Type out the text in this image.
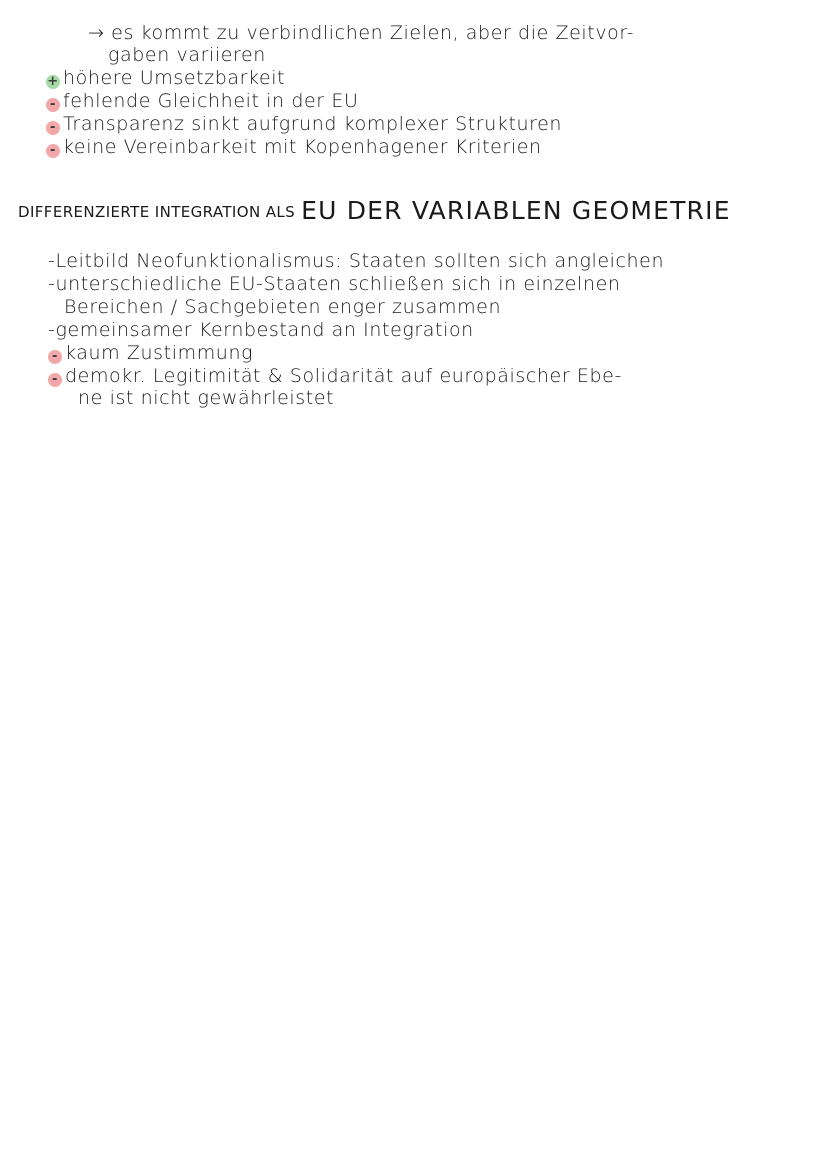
→ es kommt zu verbindlichen Zielen, aber die Zeitvor-
gaben variieren
+ höhere Umsetzbarkeit
- fehlende Gleichheit in der EU
- Transparenz sinkt aufgrund komplexer Strukturen
- keine Vereinbarkeit mit Kopenhagener Kriterien
DIFFERENZIERTE INTEGRATION ALS EU DER VARIABLEN GEOMETRIE
-Leitbild Neofunktionalismus: Staaten sollten sich angleichen
-unterschiedliche EU-Staaten schließen sich in einzelnen
Bereichen / Sachgebieten enger zusammen
-gemeinsamer Kernbestand an Integration
- kaum Zustimmung
- demokr. Legitimität & Solidarität auf europäischer Ebe-
ne ist nicht gewährleistet
